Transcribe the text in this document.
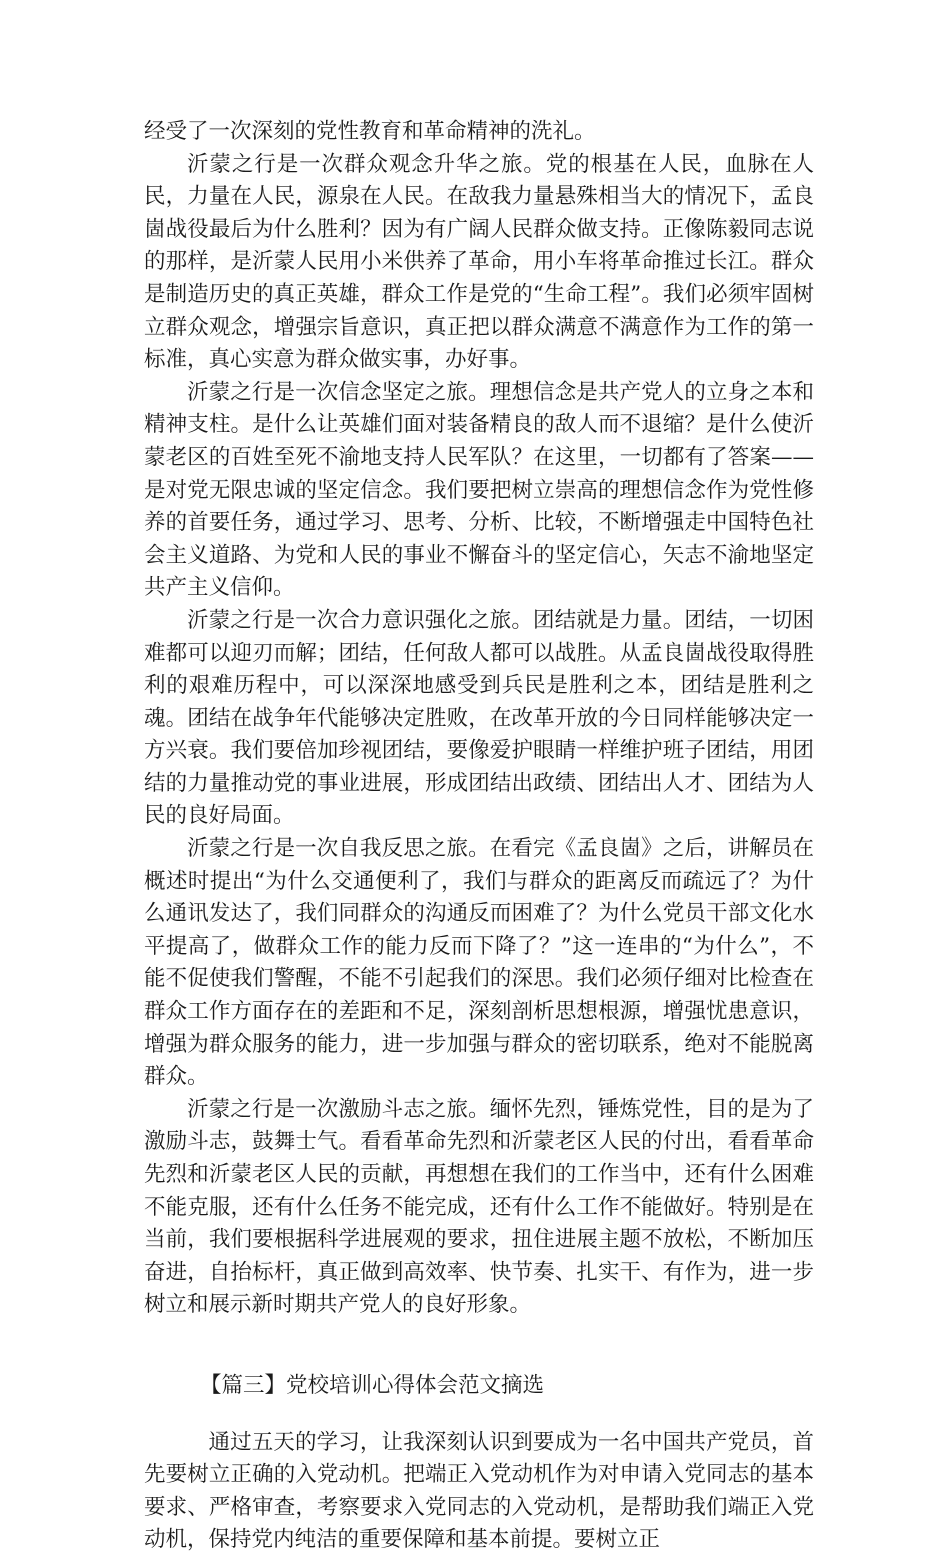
经受了一次深刻的党性教育和革命精神的洗礼。

沂蒙之行是一次群众观念升华之旅。党的根基在人民，血脉在人民，力量在人民，源泉在人民。在敌我力量悬殊相当大的情况下，孟良崮战役最后为什么胜利？因为有广阔人民群众做支持。正像陈毅同志说的那样，是沂蒙人民用小米供养了革命，用小车将革命推过长江。群众是制造历史的真正英雄，群众工作是党的“生命工程”。我们必须牢固树立群众观念，增强宗旨意识，真正把以群众满意不满意作为工作的第一标准，真心实意为群众做实事，办好事。

沂蒙之行是一次信念坚定之旅。理想信念是共产党人的立身之本和精神支柱。是什么让英雄们面对装备精良的敌人而不退缩？是什么使沂蒙老区的百姓至死不渝地支持人民军队？在这里，一切都有了答案——是对党无限忠诚的坚定信念。我们要把树立崇高的理想信念作为党性修养的首要任务，通过学习、思考、分析、比较，不断增强走中国特色社会主义道路、为党和人民的事业不懈奋斗的坚定信心，矢志不渝地坚定共产主义信仰。

沂蒙之行是一次合力意识强化之旅。团结就是力量。团结，一切困难都可以迎刃而解；团结，任何敌人都可以战胜。从孟良崮战役取得胜利的艰难历程中，可以深深地感受到兵民是胜利之本，团结是胜利之魂。团结在战争年代能够决定胜败，在改革开放的今日同样能够决定一方兴衰。我们要倍加珍视团结，要像爱护眼睛一样维护班子团结，用团结的力量推动党的事业进展，形成团结出政绩、团结出人才、团结为人民的良好局面。

沂蒙之行是一次自我反思之旅。在看完《孟良崮》之后，讲解员在概述时提出“为什么交通便利了，我们与群众的距离反而疏远了？为什么通讯发达了，我们同群众的沟通反而困难了？为什么党员干部文化水平提高了，做群众工作的能力反而下降了？”这一连串的“为什么”，不能不促使我们警醒，不能不引起我们的深思。我们必须仔细对比检查在群众工作方面存在的差距和不足，深刻剖析思想根源，增强忧患意识，增强为群众服务的能力，进一步加强与群众的密切联系，绝对不能脱离群众。

沂蒙之行是一次激励斗志之旅。缅怀先烈，锤炼党性，目的是为了激励斗志，鼓舞士气。看看革命先烈和沂蒙老区人民的付出，看看革命先烈和沂蒙老区人民的贡献，再想想在我们的工作当中，还有什么困难不能克服，还有什么任务不能完成，还有什么工作不能做好。特别是在当前，我们要根据科学进展观的要求，扭住进展主题不放松，不断加压奋进，自抬标杆，真正做到高效率、快节奏、扎实干、有作为，进一步树立和展示新时期共产党人的良好形象。

【篇三】党校培训心得体会范文摘选

通过五天的学习，让我深刻认识到要成为一名中国共产党员，首先要树立正确的入党动机。把端正入党动机作为对申请入党同志的基本要求、严格审查，考察要求入党同志的入党动机，是帮助我们端正入党动机，保持党内纯洁的重要保障和基本前提。要树立正
